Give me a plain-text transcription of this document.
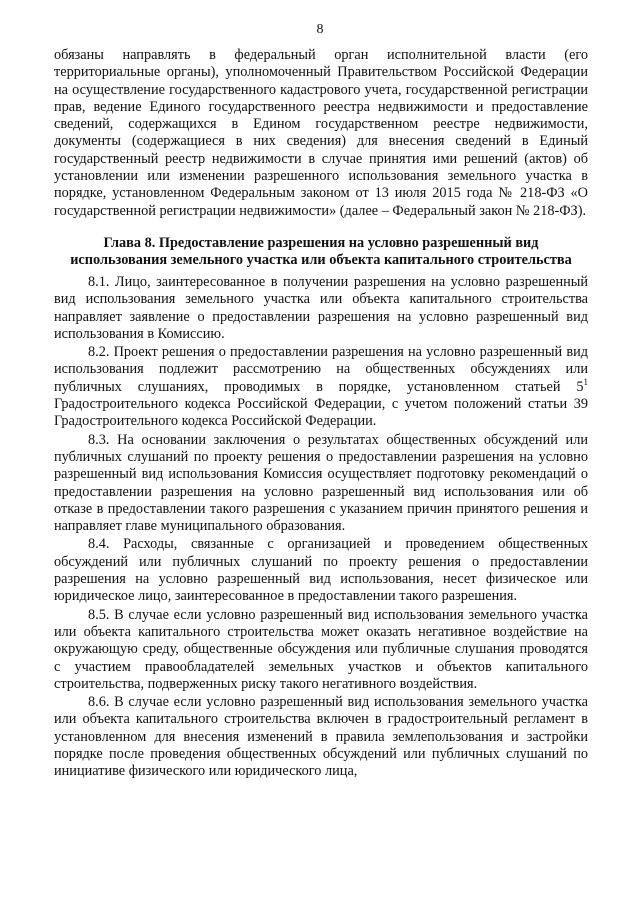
8

обязаны направлять в федеральный орган исполнительной власти (его территориальные органы), уполномоченный Правительством Российской Федерации на осуществление государственного кадастрового учета, государственной регистрации прав, ведение Единого государственного реестра недвижимости и предоставление сведений, содержащихся в Едином государственном реестре недвижимости, документы (содержащиеся в них сведения) для внесения сведений в Единый государственный реестр недвижимости в случае принятия ими решений (актов) об установлении или изменении разрешенного использования земельного участка в порядке, установленном Федеральным законом от 13 июля 2015 года № 218-ФЗ «О государственной регистрации недвижимости» (далее – Федеральный закон № 218-ФЗ).

Глава 8. Предоставление разрешения на условно разрешенный вид
использования земельного участка или объекта капитального строительства

8.1. Лицо, заинтересованное в получении разрешения на условно разрешенный вид использования земельного участка или объекта капитального строительства направляет заявление о предоставлении разрешения на условно разрешенный вид использования в Комиссию.

8.2. Проект решения о предоставлении разрешения на условно разрешенный вид использования подлежит рассмотрению на общественных обсуждениях или публичных слушаниях, проводимых в порядке, установленном статьей $5^1$ Градостроительного кодекса Российской Федерации, с учетом положений статьи 39 Градостроительного кодекса Российской Федерации.

8.3. На основании заключения о результатах общественных обсуждений или публичных слушаний по проекту решения о предоставлении разрешения на условно разрешенный вид использования Комиссия осуществляет подготовку рекомендаций о предоставлении разрешения на условно разрешенный вид использования или об отказе в предоставлении такого разрешения с указанием причин принятого решения и направляет главе муниципального образования.

8.4. Расходы, связанные с организацией и проведением общественных обсуждений или публичных слушаний по проекту решения о предоставлении разрешения на условно разрешенный вид использования, несет физическое или юридическое лицо, заинтересованное в предоставлении такого разрешения.

8.5. В случае если условно разрешенный вид использования земельного участка или объекта капитального строительства может оказать негативное воздействие на окружающую среду, общественные обсуждения или публичные слушания проводятся с участием правообладателей земельных участков и объектов капитального строительства, подверженных риску такого негативного воздействия.

8.6. В случае если условно разрешенный вид использования земельного участка или объекта капитального строительства включен в градостроительный регламент в установленном для внесения изменений в правила землепользования и застройки порядке после проведения общественных обсуждений или публичных слушаний по инициативе физического или юридического лица,
